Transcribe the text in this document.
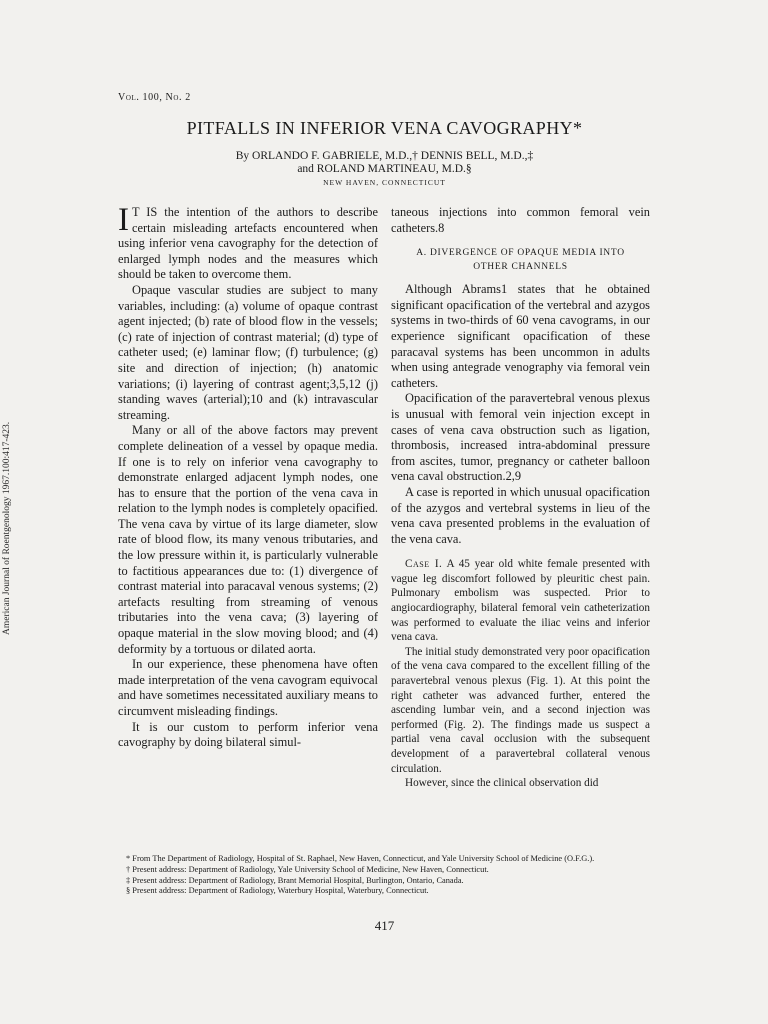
American Journal of Roentgenology 1967.100:417-423.
Vol. 100, No. 2
PITFALLS IN INFERIOR VENA CAVOGRAPHY*
By ORLANDO F. GABRIELE, M.D.,† DENNIS BELL, M.D.,‡
and ROLAND MARTINEAU, M.D.§
NEW HAVEN, CONNECTICUT

I T IS the intention of the authors to describe certain misleading artefacts encountered when using inferior vena cavography for the detection of enlarged lymph nodes and the measures which should be taken to overcome them.

Opaque vascular studies are subject to many variables, including: (a) volume of opaque contrast agent injected; (b) rate of blood flow in the vessels; (c) rate of injection of contrast material; (d) type of catheter used; (e) laminar flow; (f) turbulence; (g) site and direction of injection; (h) anatomic variations; (i) layering of contrast agent;3,5,12 (j) standing waves (arterial);10 and (k) intravascular streaming.

Many or all of the above factors may prevent complete delineation of a vessel by opaque media. If one is to rely on inferior vena cavography to demonstrate enlarged adjacent lymph nodes, one has to ensure that the portion of the vena cava in relation to the lymph nodes is completely opacified. The vena cava by virtue of its large diameter, slow rate of blood flow, its many venous tributaries, and the low pressure within it, is particularly vulnerable to factitious appearances due to: (1) divergence of contrast material into paracaval venous systems; (2) artefacts resulting from streaming of venous tributaries into the vena cava; (3) layering of opaque material in the slow moving blood; and (4) deformity by a tortuous or dilated aorta.

In our experience, these phenomena have often made interpretation of the vena cavogram equivocal and have sometimes necessitated auxiliary means to circumvent misleading findings.

It is our custom to perform inferior vena cavography by doing bilateral simul-

taneous injections into common femoral vein catheters.8

A. DIVERGENCE OF OPAQUE MEDIA INTO
OTHER CHANNELS

Although Abrams1 states that he obtained significant opacification of the vertebral and azygos systems in two-thirds of 60 vena cavograms, in our experience significant opacification of these paracaval systems has been uncommon in adults when using antegrade venography via femoral vein catheters.

Opacification of the paravertebral venous plexus is unusual with femoral vein injection except in cases of vena cava obstruction such as ligation, thrombosis, increased intra-abdominal pressure from ascites, tumor, pregnancy or catheter balloon vena caval obstruction.2,9

A case is reported in which unusual opacification of the azygos and vertebral systems in lieu of the vena cava presented problems in the evaluation of the vena cava.

Case I. A 45 year old white female presented with vague leg discomfort followed by pleuritic chest pain. Pulmonary embolism was suspected. Prior to angiocardiography, bilateral femoral vein catheterization was performed to evaluate the iliac veins and inferior vena cava.

The initial study demonstrated very poor opacification of the vena cava compared to the excellent filling of the paravertebral venous plexus (Fig. 1). At this point the right catheter was advanced further, entered the ascending lumbar vein, and a second injection was performed (Fig. 2). The findings made us suspect a partial vena caval occlusion with the subsequent development of a paravertebral collateral venous circulation.

However, since the clinical observation did

* From The Department of Radiology, Hospital of St. Raphael, New Haven, Connecticut, and Yale University School of Medicine (O.F.G.).

† Present address: Department of Radiology, Yale University School of Medicine, New Haven, Connecticut.

‡ Present address: Department of Radiology, Brant Memorial Hospital, Burlington, Ontario, Canada.

§ Present address: Department of Radiology, Waterbury Hospital, Waterbury, Connecticut.

417
